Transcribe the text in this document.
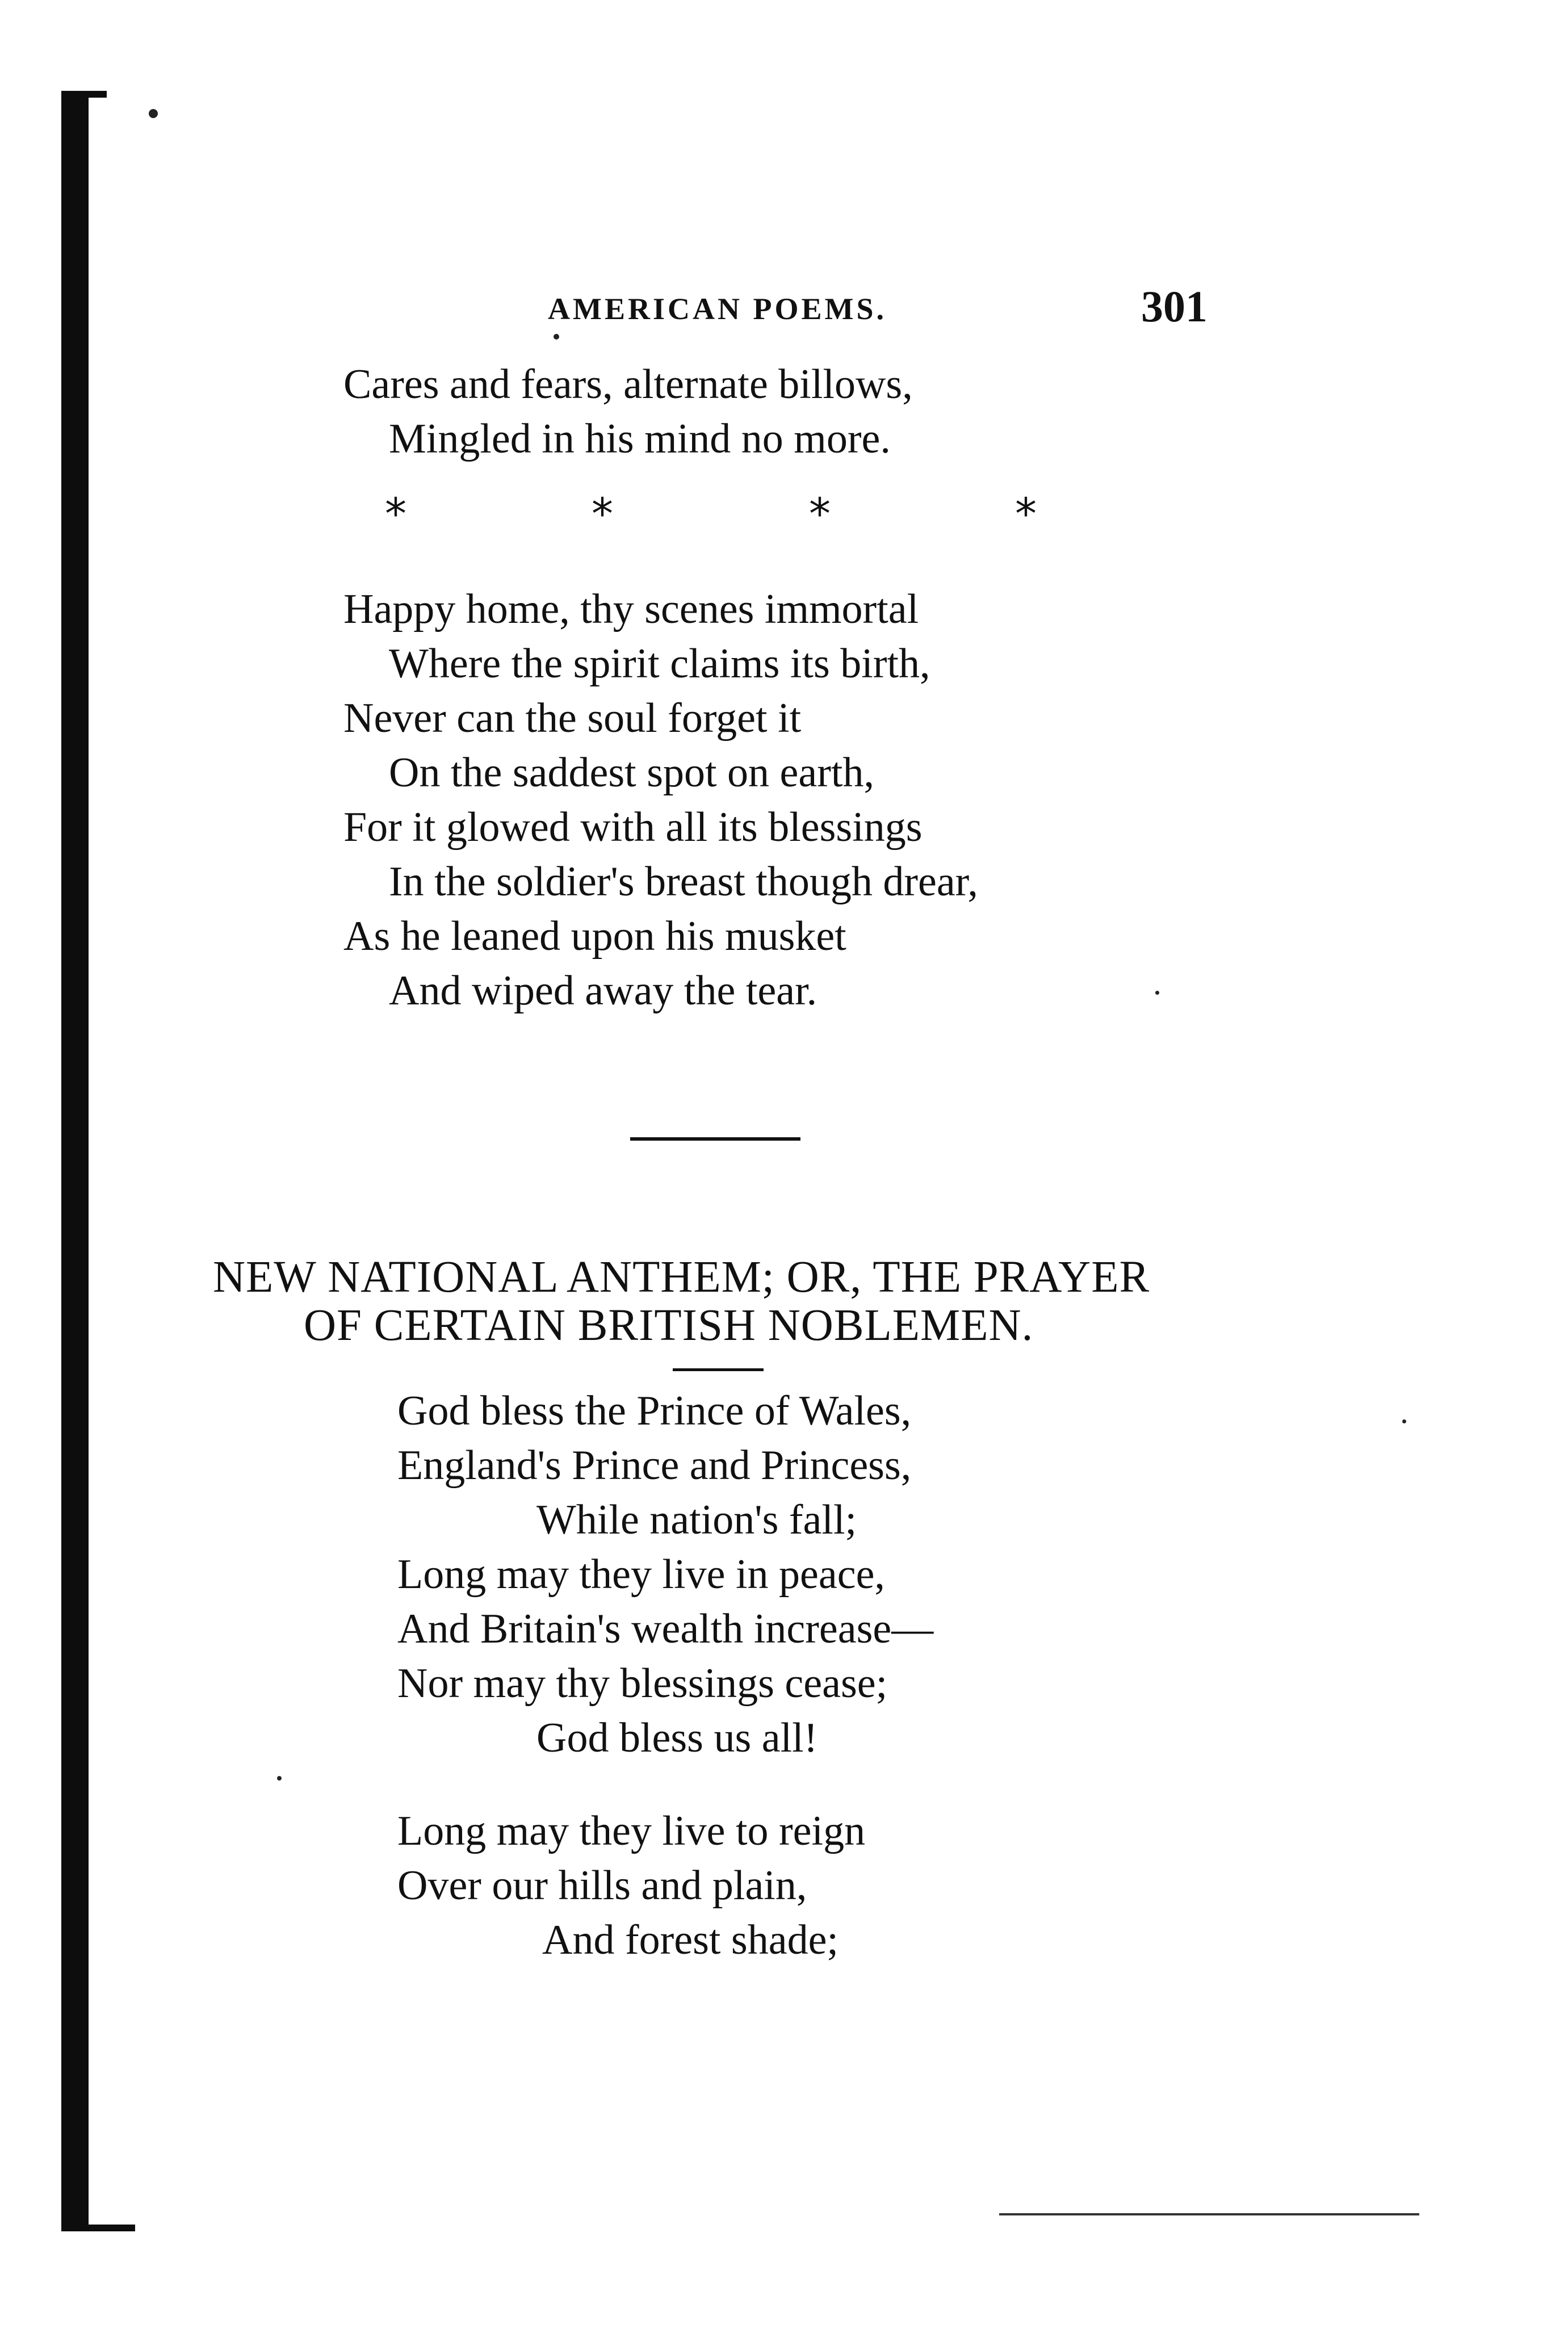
AMERICAN POEMS.	301
Cares and fears, alternate billows,
Mingled in his mind no more.
*	*	*	*
Happy home, thy scenes immortal
Where the spirit claims its birth,
Never can the soul forget it
On the saddest spot on earth,
For it glowed with all its blessings
In the soldier's breast though drear,
As he leaned upon his musket
And wiped away the tear.
NEW NATIONAL ANTHEM; OR, THE PRAYER
OF CERTAIN BRITISH NOBLEMEN.
God bless the Prince of Wales,
England's Prince and Princess,
While nation's fall;
Long may they live in peace,
And Britain's wealth increase—
Nor may thy blessings cease;
God bless us all!
Long may they live to reign
Over our hills and plain,
And forest shade;
